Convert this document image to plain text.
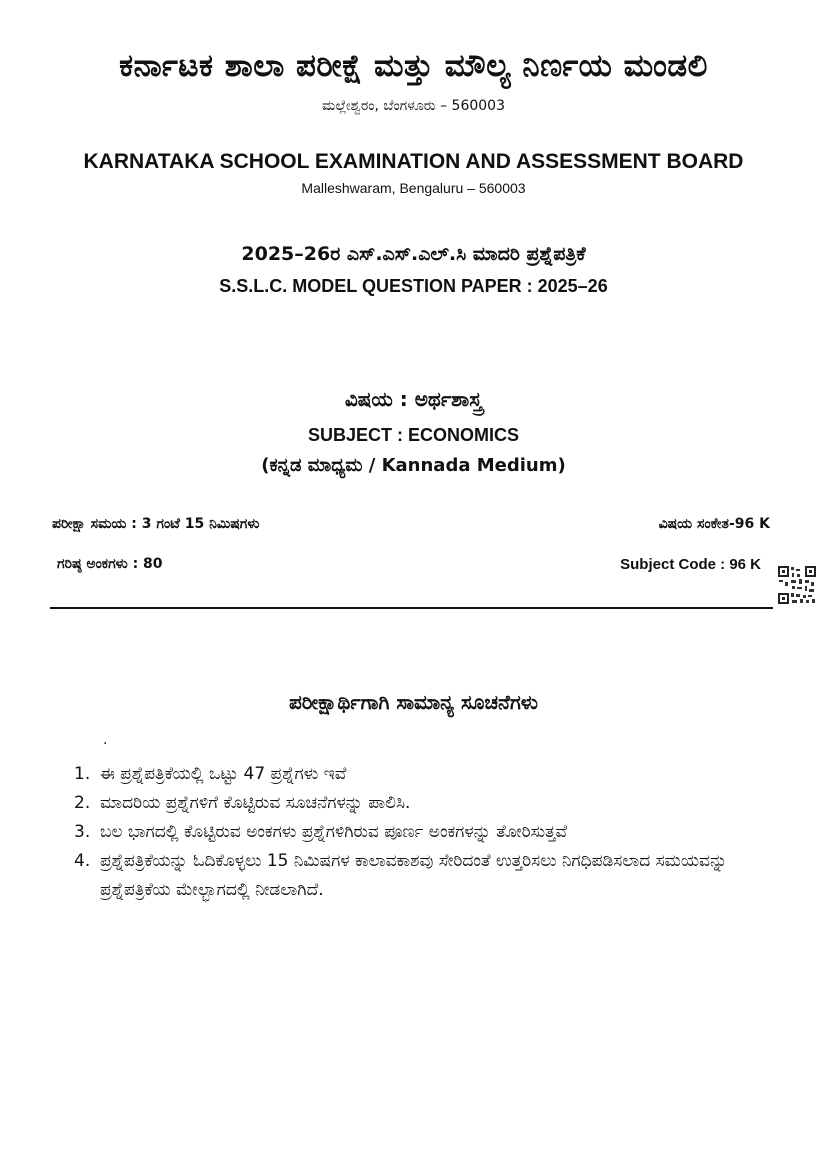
ಕರ್ನಾಟಕ ಶಾಲಾ ಪರೀಕ್ಷೆ ಮತ್ತು ಮೌಲ್ಯ ನಿರ್ಣಯ ಮಂಡಲಿ
ಮಲ್ಲೇಶ್ವರಂ, ಬೆಂಗಳೂರು – 560003
KARNATAKA SCHOOL EXAMINATION AND ASSESSMENT BOARD
Malleshwaram, Bengaluru – 560003
2025–26ರ ಎಸ್.ಎಸ್.ಎಲ್.ಸಿ ಮಾದರಿ ಪ್ರಶ್ನೆಪತ್ರಿಕೆ
S.S.L.C. MODEL QUESTION PAPER : 2025–26
ವಿಷಯ : ಅರ್ಥಶಾಸ್ತ್ರ
SUBJECT : ECONOMICS
(ಕನ್ನಡ ಮಾಧ್ಯಮ / Kannada Medium)
ಪರೀಕ್ಷಾ ಸಮಯ : 3 ಗಂಟೆ 15 ನಿಮಿಷಗಳು	ವಿಷಯ ಸಂಕೇತ-96 K
ಗರಿಷ್ಠ ಅಂಕಗಳು : 80	Subject Code : 96 K
ಪರೀಕ್ಷಾರ್ಥಿಗಾಗಿ ಸಾಮಾನ್ಯ ಸೂಚನೆಗಳು
.
1. ಈ ಪ್ರಶ್ನೆಪತ್ರಿಕೆಯಲ್ಲಿ ಒಟ್ಟು 47 ಪ್ರಶ್ನೆಗಳು ಇವೆ
2. ಮಾದರಿಯ ಪ್ರಶ್ನೆಗಳಿಗೆ ಕೊಟ್ಟಿರುವ ಸೂಚನೆಗಳನ್ನು ಪಾಲಿಸಿ.
3. ಬಲ ಭಾಗದಲ್ಲಿ ಕೊಟ್ಟಿರುವ ಅಂಕಗಳು ಪ್ರಶ್ನೆಗಳಿಗಿರುವ ಪೂರ್ಣ ಅಂಕಗಳನ್ನು ತೋರಿಸುತ್ತವೆ
4. ಪ್ರಶ್ನೆಪತ್ರಿಕೆಯನ್ನು ಓದಿಕೊಳ್ಳಲು 15 ನಿಮಿಷಗಳ ಕಾಲಾವಕಾಶವು ಸೇರಿದಂತೆ ಉತ್ತರಿಸಲು ನಿಗಧಿಪಡಿಸಲಾದ ಸಮಯವನ್ನು ಪ್ರಶ್ನೆಪತ್ರಿಕೆಯ ಮೇಲ್ಭಾಗದಲ್ಲಿ ನೀಡಲಾಗಿದೆ.
